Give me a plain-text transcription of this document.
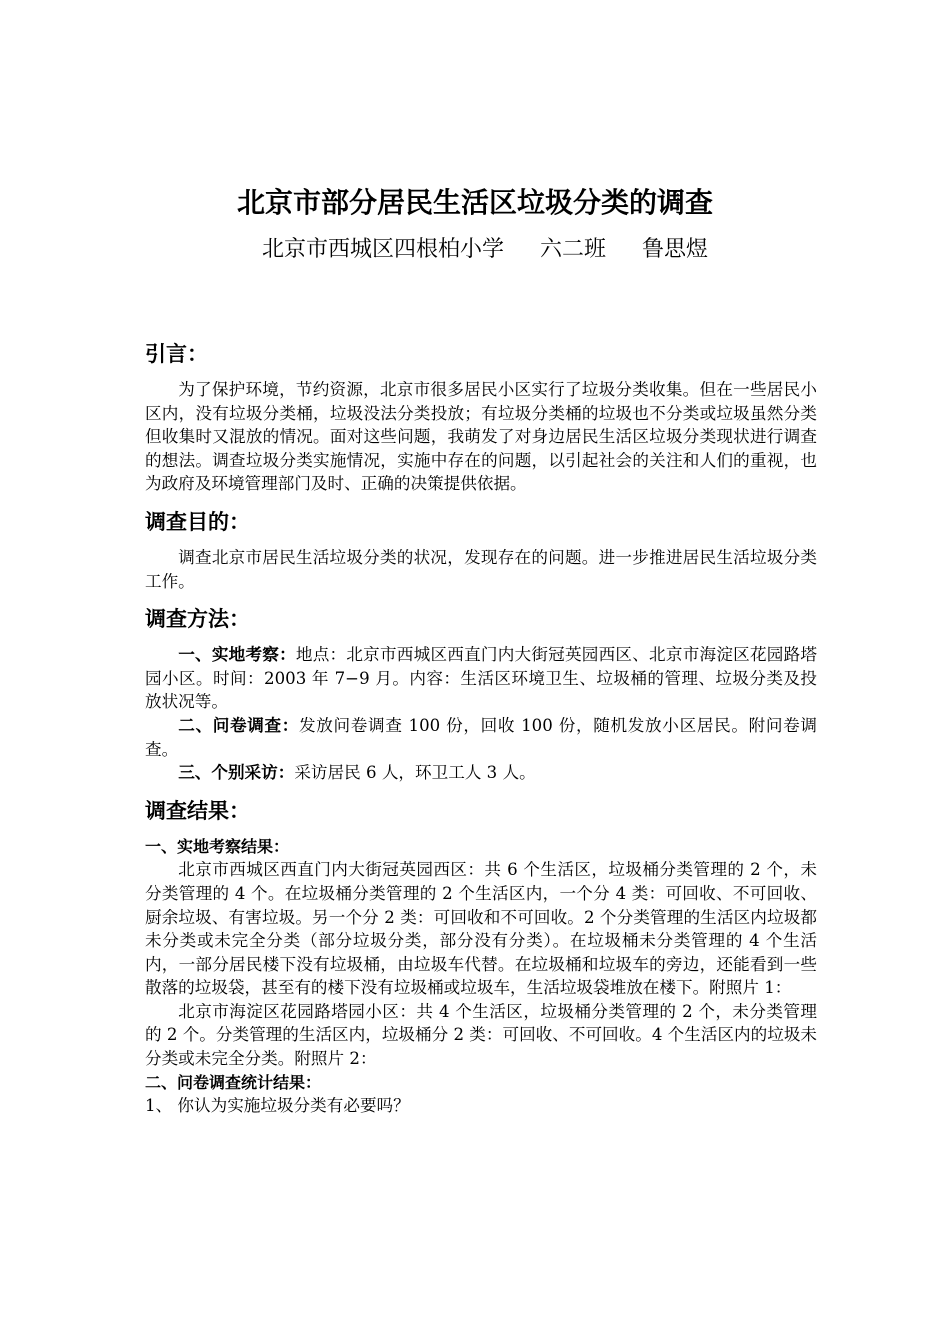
北京市部分居民生活区垃圾分类的调查
北京市西城区四根柏小学 六二班 鲁思煜
引言：

为了保护环境，节约资源，北京市很多居民小区实行了垃圾分类收集。但在一些居民小区内，没有垃圾分类桶，垃圾没法分类投放；有垃圾分类桶的垃圾也不分类或垃圾虽然分类但收集时又混放的情况。面对这些问题，我萌发了对身边居民生活区垃圾分类现状进行调查的想法。调查垃圾分类实施情况，实施中存在的问题，以引起社会的关注和人们的重视，也为政府及环境管理部门及时、正确的决策提供依据。

调查目的：

调查北京市居民生活垃圾分类的状况，发现存在的问题。进一步推进居民生活垃圾分类工作。

调查方法：

一、实地考察：地点：北京市西城区西直门内大街冠英园西区、北京市海淀区花园路塔园小区。时间：2003 年 7−9 月。内容：生活区环境卫生、垃圾桶的管理、垃圾分类及投放状况等。

二、问卷调查：发放问卷调查 100 份，回收 100 份，随机发放小区居民。附问卷调查。

三、个别采访：采访居民 6 人，环卫工人 3 人。

调查结果：

一、实地考察结果：

北京市西城区西直门内大街冠英园西区：共 6 个生活区，垃圾桶分类管理的 2 个，未分类管理的 4 个。在垃圾桶分类管理的 2 个生活区内，一个分 4 类：可回收、不可回收、厨余垃圾、有害垃圾。另一个分 2 类：可回收和不可回收。2 个分类管理的生活区内垃圾都未分类或未完全分类（部分垃圾分类，部分没有分类）。在垃圾桶未分类管理的 4 个生活内，一部分居民楼下没有垃圾桶，由垃圾车代替。在垃圾桶和垃圾车的旁边，还能看到一些散落的垃圾袋，甚至有的楼下没有垃圾桶或垃圾车，生活垃圾袋堆放在楼下。附照片 1：

北京市海淀区花园路塔园小区：共 4 个生活区，垃圾桶分类管理的 2 个，未分类管理的 2 个。分类管理的生活区内，垃圾桶分 2 类：可回收、不可回收。4 个生活区内的垃圾未分类或未完全分类。附照片 2：

二、问卷调查统计结果：

1、 你认为实施垃圾分类有必要吗？
